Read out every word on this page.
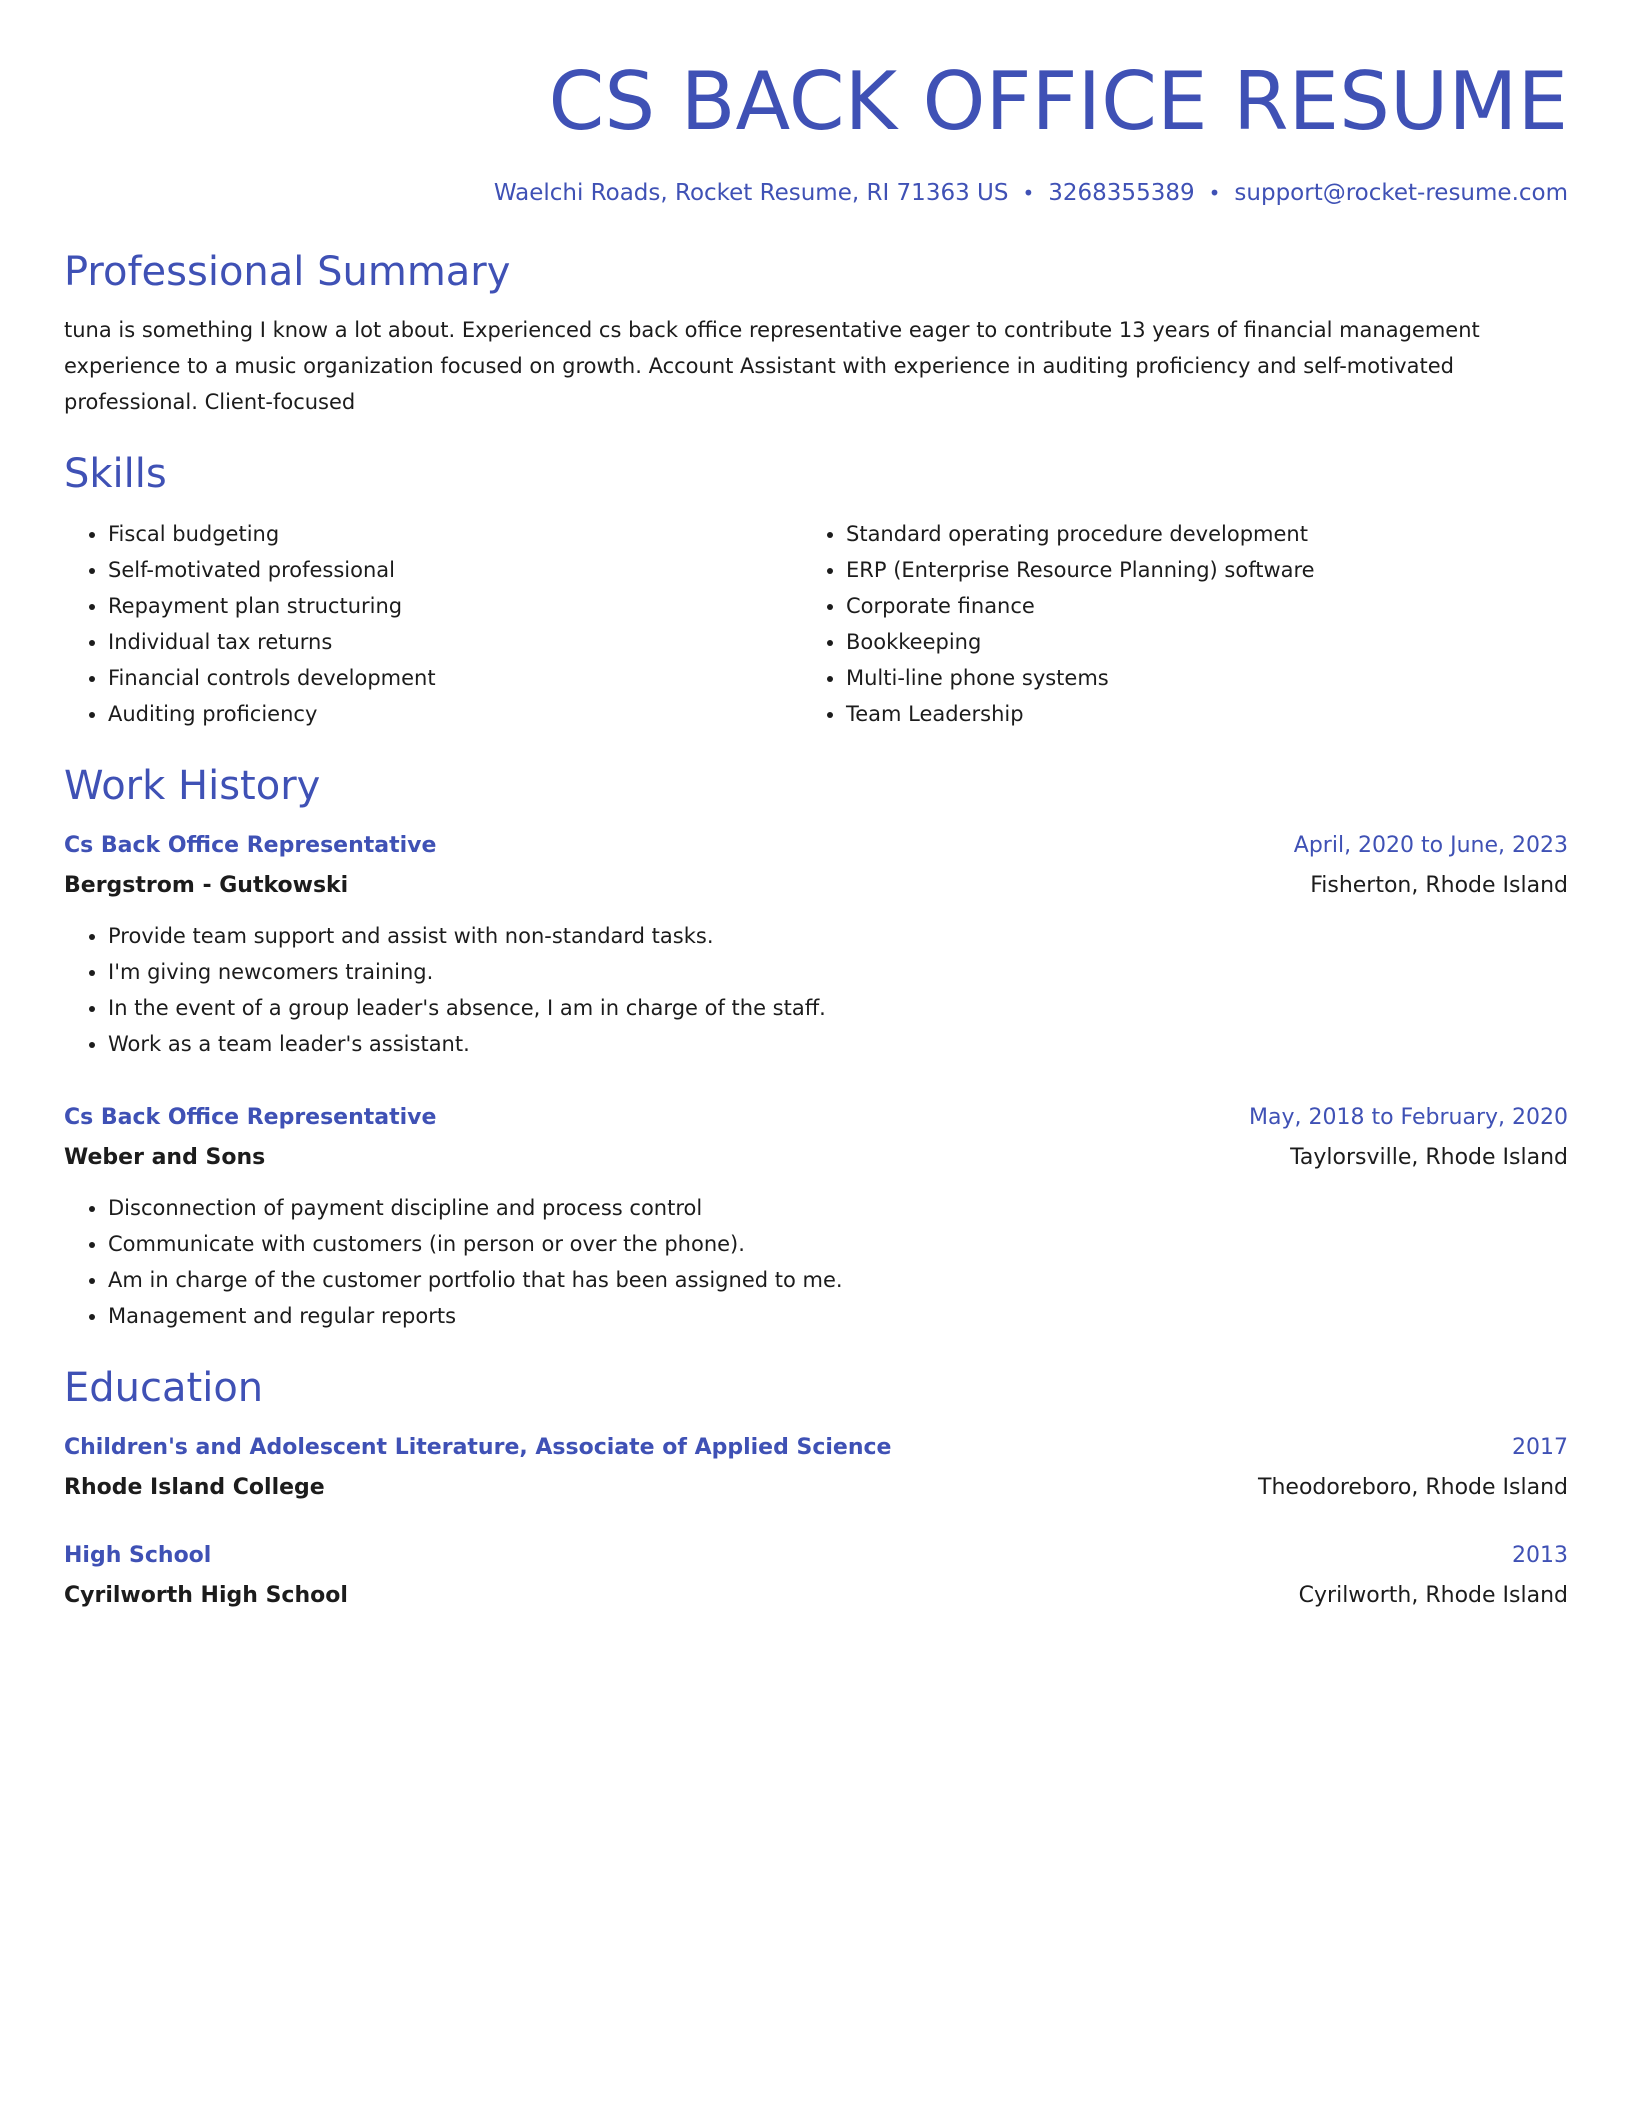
CS BACK OFFICE RESUME
Waelchi Roads, Rocket Resume, RI 71363 US • 3268355389 • support@rocket-resume.com
Professional Summary
tuna is something I know a lot about. Experienced cs back office representative eager to contribute 13 years of financial management experience to a music organization focused on growth. Account Assistant with experience in auditing proficiency and self-motivated professional. Client-focused
Skills
• Fiscal budgeting
• Self-motivated professional
• Repayment plan structuring
• Individual tax returns
• Financial controls development
• Auditing proficiency
• Standard operating procedure development
• ERP (Enterprise Resource Planning) software
• Corporate finance
• Bookkeeping
• Multi-line phone systems
• Team Leadership
Work History
Cs Back Office Representative	April, 2020 to June, 2023
Bergstrom - Gutkowski	Fisherton, Rhode Island
• Provide team support and assist with non-standard tasks.
• I'm giving newcomers training.
• In the event of a group leader's absence, I am in charge of the staff.
• Work as a team leader's assistant.
Cs Back Office Representative	May, 2018 to February, 2020
Weber and Sons	Taylorsville, Rhode Island
• Disconnection of payment discipline and process control
• Communicate with customers (in person or over the phone).
• Am in charge of the customer portfolio that has been assigned to me.
• Management and regular reports
Education
Children's and Adolescent Literature, Associate of Applied Science	2017
Rhode Island College	Theodoreboro, Rhode Island
High School	2013
Cyrilworth High School	Cyrilworth, Rhode Island
